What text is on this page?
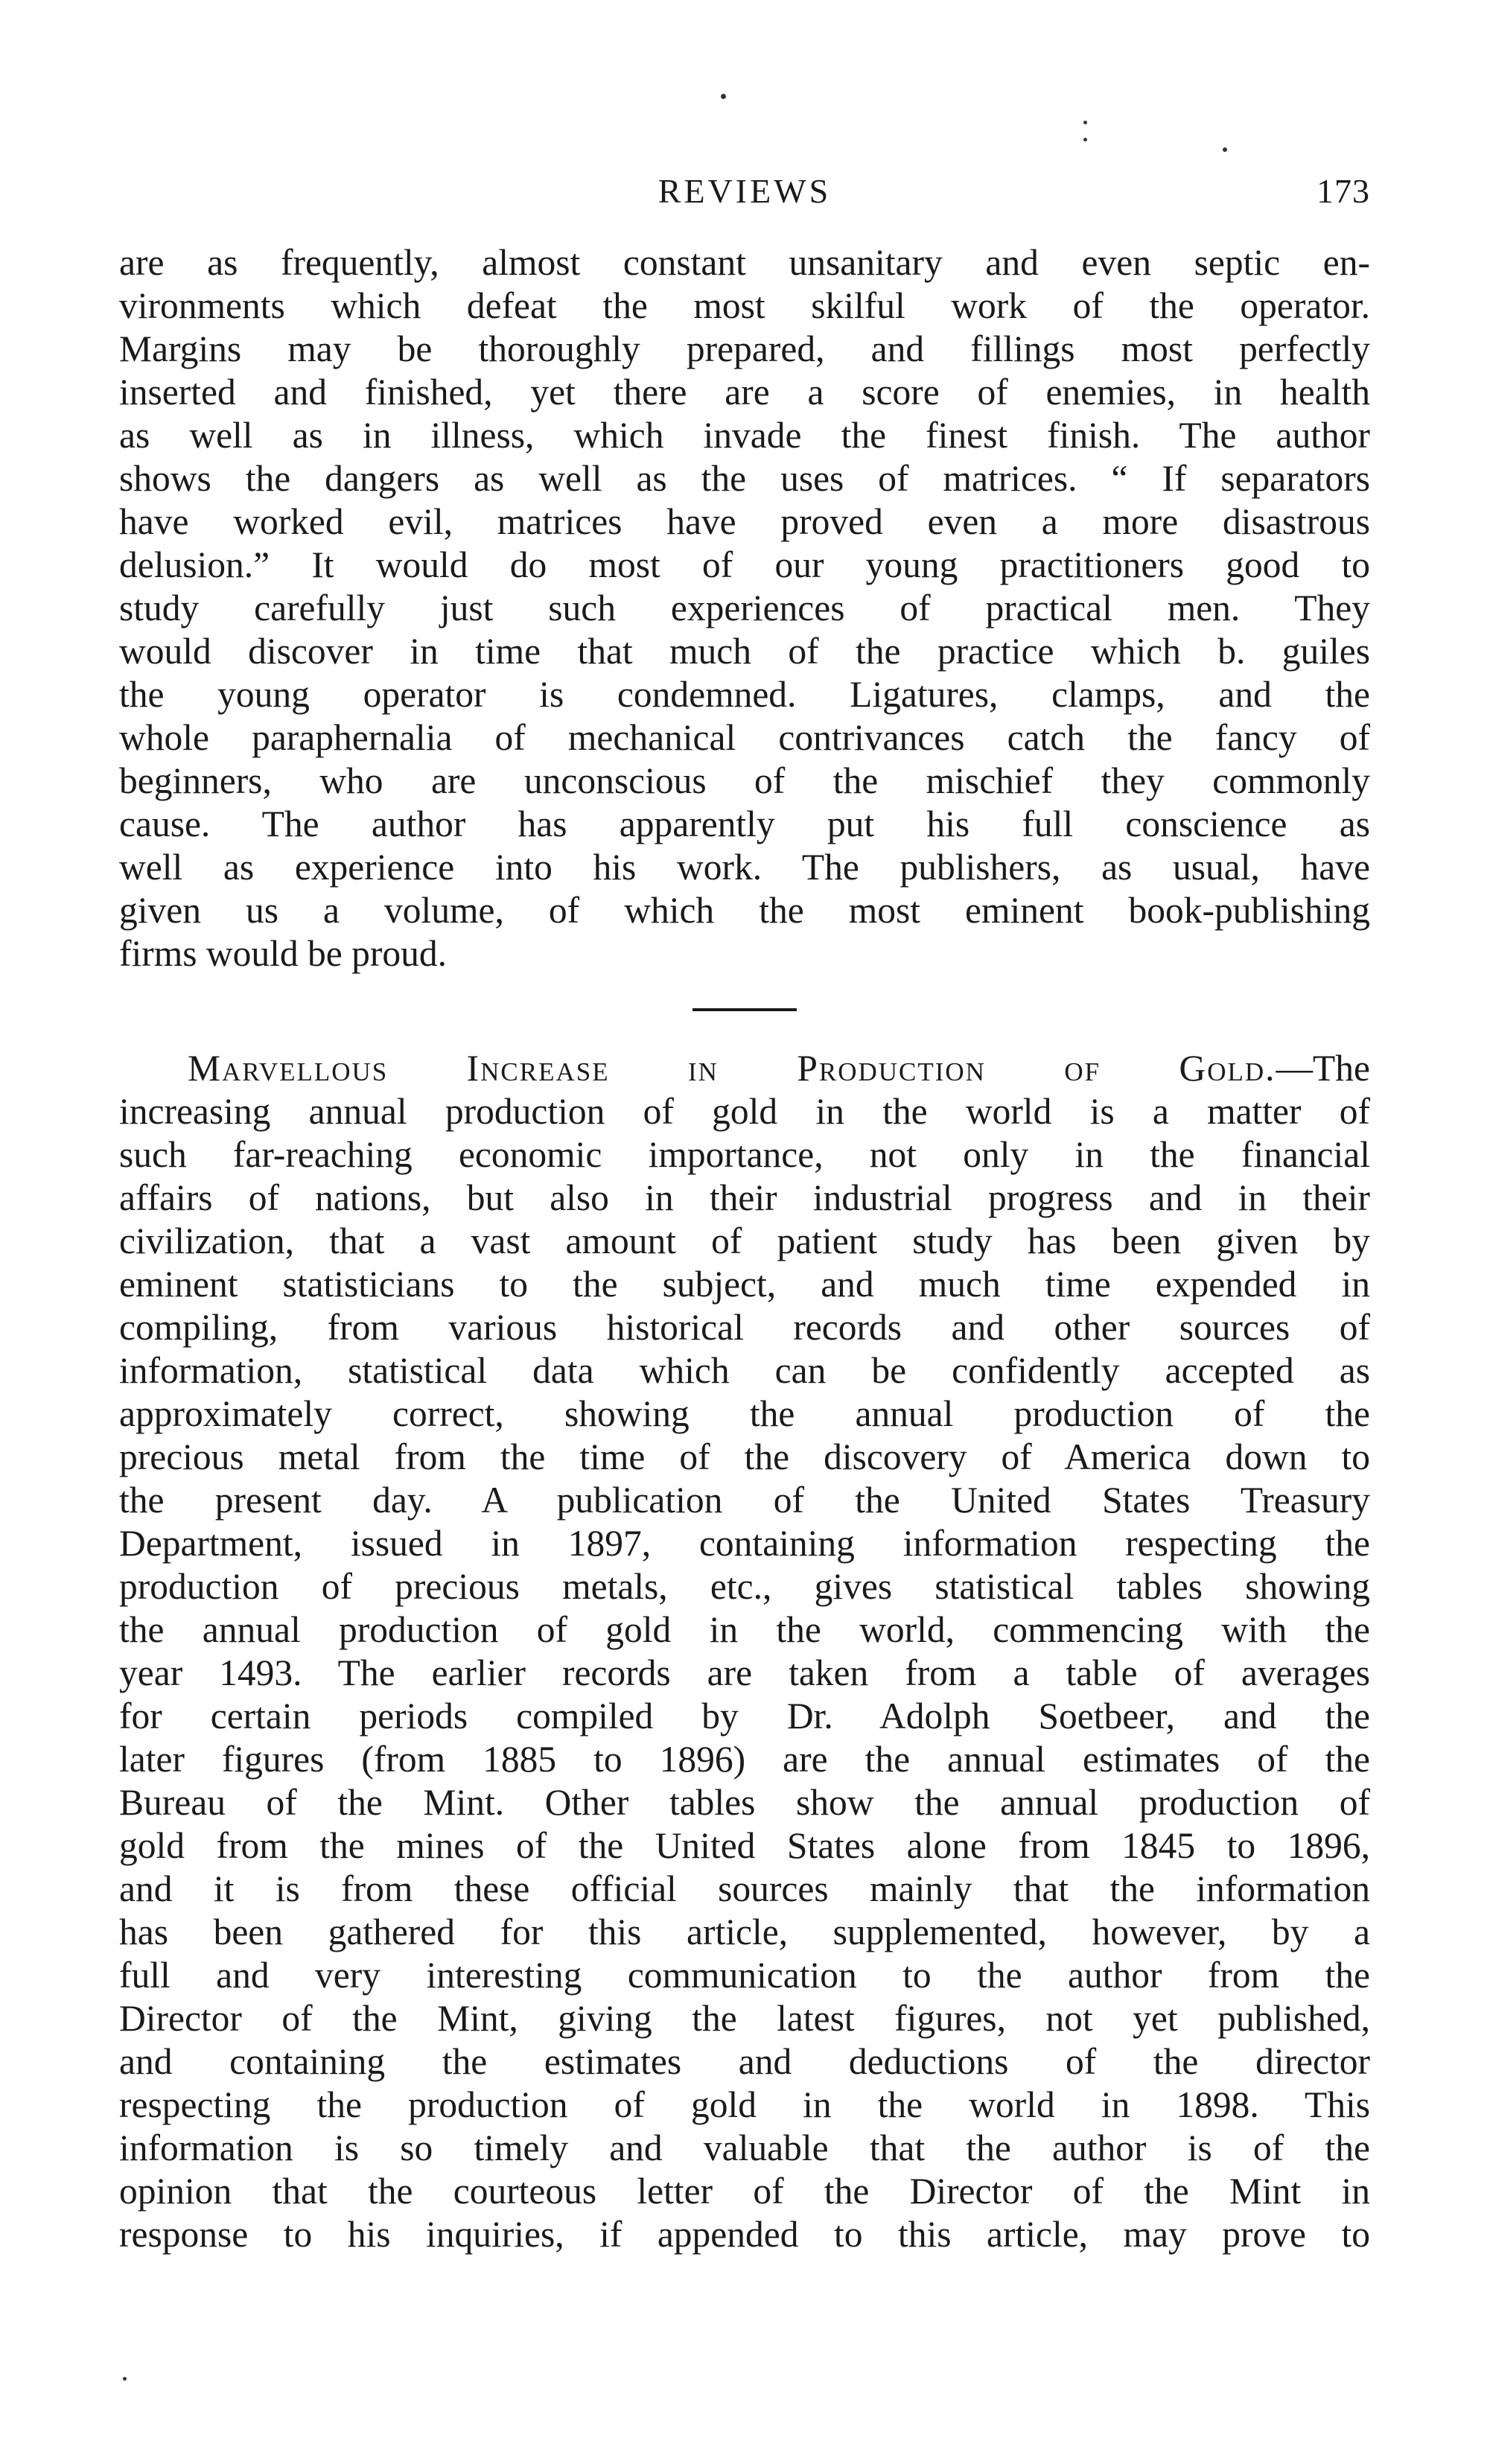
REVIEWS	173

are as frequently, almost constant unsanitary and even septic en-
vironments which defeat the most skilful work of the operator.
Margins may be thoroughly prepared, and fillings most perfectly
inserted and finished, yet there are a score of enemies, in health
as well as in illness, which invade the finest finish. The author
shows the dangers as well as the uses of matrices. “ If separators
have worked evil, matrices have proved even a more disastrous
delusion.” It would do most of our young practitioners good to
study carefully just such experiences of practical men. They
would discover in time that much of the practice which b. guiles
the young operator is condemned. Ligatures, clamps, and the
whole paraphernalia of mechanical contrivances catch the fancy of
beginners, who are unconscious of the mischief they commonly
cause. The author has apparently put his full conscience as
well as experience into his work. The publishers, as usual, have
given us a volume, of which the most eminent book-publishing
firms would be proud.

Marvellous Increase in Production of Gold.—The
increasing annual production of gold in the world is a matter of
such far-reaching economic importance, not only in the financial
affairs of nations, but also in their industrial progress and in their
civilization, that a vast amount of patient study has been given by
eminent statisticians to the subject, and much time expended in
compiling, from various historical records and other sources of
information, statistical data which can be confidently accepted as
approximately correct, showing the annual production of the
precious metal from the time of the discovery of America down to
the present day. A publication of the United States Treasury
Department, issued in 1897, containing information respecting the
production of precious metals, etc., gives statistical tables showing
the annual production of gold in the world, commencing with the
year 1493. The earlier records are taken from a table of averages
for certain periods compiled by Dr. Adolph Soetbeer, and the
later figures (from 1885 to 1896) are the annual estimates of the
Bureau of the Mint. Other tables show the annual production of
gold from the mines of the United States alone from 1845 to 1896,
and it is from these official sources mainly that the information
has been gathered for this article, supplemented, however, by a
full and very interesting communication to the author from the
Director of the Mint, giving the latest figures, not yet published,
and containing the estimates and deductions of the director
respecting the production of gold in the world in 1898. This
information is so timely and valuable that the author is of the
opinion that the courteous letter of the Director of the Mint in
response to his inquiries, if appended to this article, may prove to
